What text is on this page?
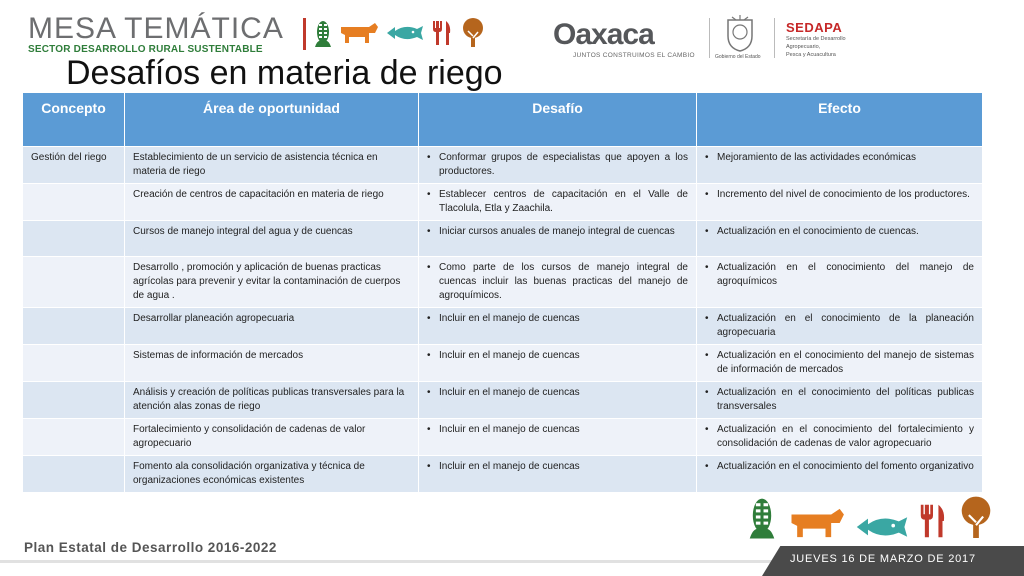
MESA TEMÁTICA
SECTOR DESARROLLO RURAL SUSTENTABLE
Desafíos en materia de riego
Oaxaca
JUNTOS CONSTRUIMOS EL CAMBIO	Gobierno del Estado
SEDAPA
Secretaría de Desarrollo
Agropecuario,
Pesca y Acuacultura
Concepto	Área de oportunidad	Desafío	Efecto
Gestión del riego	Establecimiento de un servicio de asistencia técnica en materia de riego	• Conformar grupos de especialistas que apoyen a los productores.	• Mejoramiento de las actividades económicas
	Creación de centros de capacitación en materia de riego	• Establecer centros de capacitación en el Valle de Tlacolula, Etla y Zaachila.	• Incremento del nivel de conocimiento de los productores.
	Cursos de manejo integral del agua y de cuencas	• Iniciar cursos anuales de manejo integral de cuencas	• Actualización en el conocimiento de cuencas.
	Desarrollo , promoción y aplicación de buenas practicas agrícolas para prevenir y evitar la contaminación de cuerpos de agua .	• Como parte de los cursos de manejo integral de cuencas incluir las buenas practicas del manejo de agroquímicos.	• Actualización en el conocimiento del manejo de agroquímicos
	Desarrollar planeación agropecuaria	• Incluir en el manejo de cuencas	• Actualización en el conocimiento de la planeación agropecuaria
	Sistemas de información de mercados	• Incluir en el manejo de cuencas	• Actualización en el conocimiento del manejo de sistemas de información de mercados
	Análisis y creación de políticas publicas transversales para la atención alas zonas de riego	• Incluir en el manejo de cuencas	• Actualización en el conocimiento del políticas publicas transversales
	Fortalecimiento y consolidación de cadenas de valor agropecuario	• Incluir en el manejo de cuencas	• Actualización en el conocimiento del fortalecimiento y consolidación de cadenas de valor agropecuario
	Fomento ala consolidación organizativa y técnica de organizaciones económicas existentes	• Incluir en el manejo de cuencas	• Actualización en el conocimiento del fomento organizativo
Plan Estatal de Desarrollo 2016-2022
JUEVES 16 DE MARZO DE 2017
